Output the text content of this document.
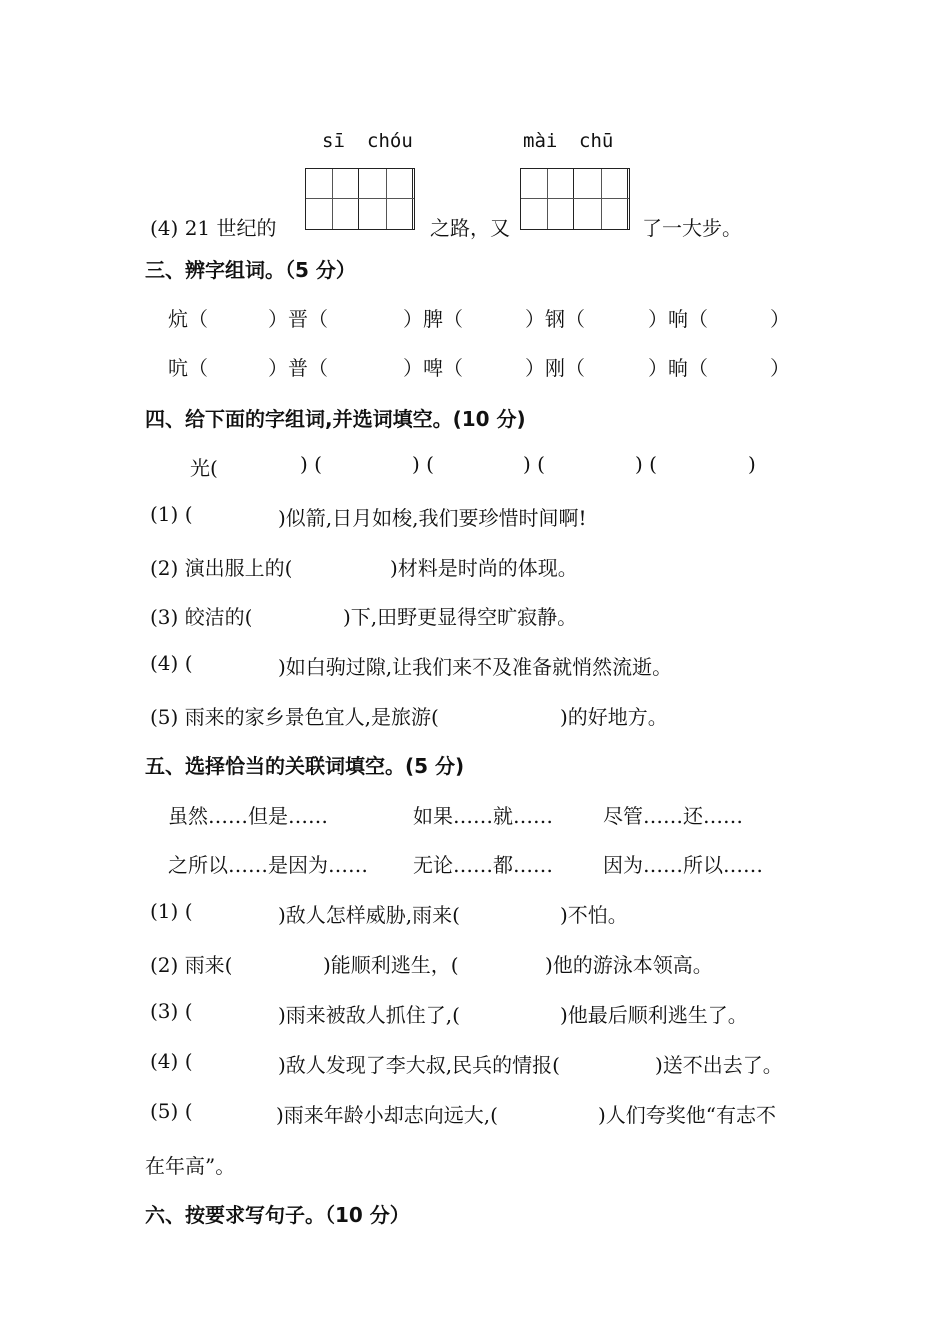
sī chóu	mài chū
(4) 21 世纪的	之路，又	了一大步。
三、辨字组词。（5 分）
炕（	）晋（	）脾（	）钢（	）响（	）
吭（	）普（	）啤（	）刚（	）晌（	）
四、给下面的字组词,并选词填空。(10 分)
光(	) (	) (	) (	) (	)
(1) (	)似箭,日月如梭,我们要珍惜时间啊!
(2) 演出服上的(	)材料是时尚的体现。
(3) 皎洁的(	)下,田野更显得空旷寂静。
(4) (	)如白驹过隙,让我们来不及准备就悄然流逝。
(5) 雨来的家乡景色宜人,是旅游(	)的好地方。
五、选择恰当的关联词填空。(5 分)
虽然……但是……	如果……就……	尽管……还……
之所以……是因为…… 无论……都……	因为……所以……
(1) (	)敌人怎样威胁,雨来(	)不怕。
(2) 雨来(	)能顺利逃生，(	)他的游泳本领高。
(3) (	)雨来被敌人抓住了,(	)他最后顺利逃生了。
(4) (	)敌人发现了李大叔,民兵的情报(	)送不出去了。
(5) (	)雨来年龄小却志向远大,(	)人们夸奖他“有志不
在年高”。
六、按要求写句子。（10 分）
